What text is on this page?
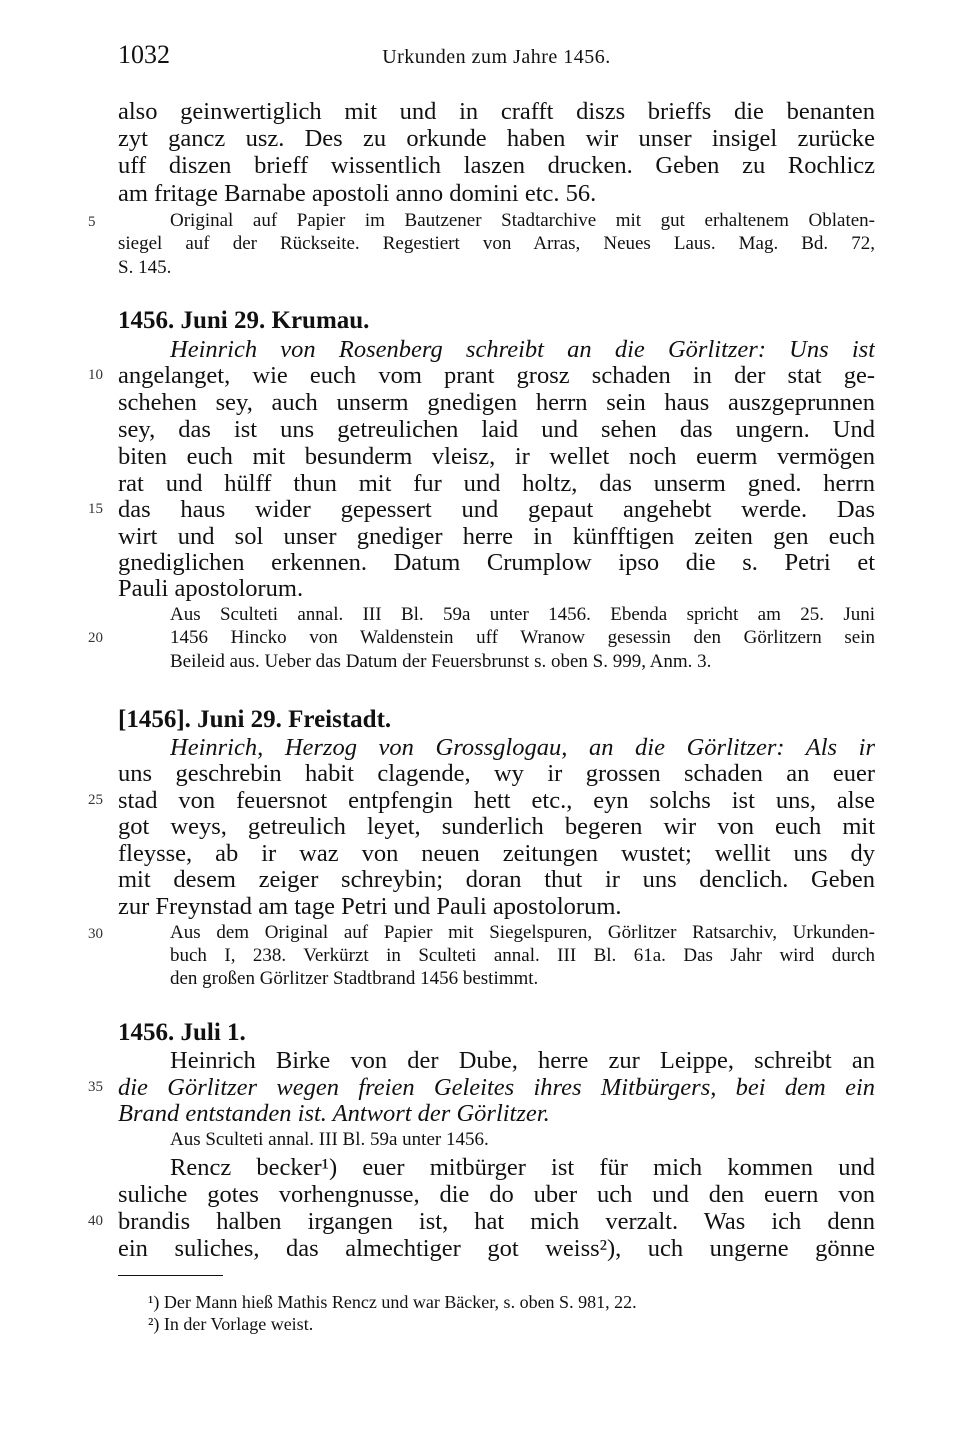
1032	Urkunden zum Jahre 1456.
also geinwertiglich mit und in crafft diszs brieffs die benanten
zyt gancz usz. Des zu orkunde haben wir unser insigel zurücke
uff diszen brieff wissentlich laszen drucken. Geben zu Rochlicz
am fritage Barnabe apostoli anno domini etc. 56.
Original auf Papier im Bautzener Stadtarchive mit gut erhaltenem Oblaten-
siegel auf der Rückseite. Regestiert von Arras, Neues Laus. Mag. Bd. 72,
S. 145.
1456. Juni 29. Krumau.
Heinrich von Rosenberg schreibt an die Görlitzer: Uns ist
angelanget, wie euch vom prant grosz schaden in der stat ge-
schehen sey, auch unserm gnedigen herrn sein haus auszgeprunnen
sey, das ist uns getreulichen laid und sehen das ungern. Und
biten euch mit besunderm vleisz, ir wellet noch euerm vermögen
rat und hülff thun mit fur und holtz, das unserm gned. herrn
das haus wider gepessert und gepaut angehebt werde. Das
wirt und sol unser gnediger herre in künfftigen zeiten gen euch
gnediglichen erkennen. Datum Crumplow ipso die s. Petri et
Pauli apostolorum.
Aus Sculteti annal. III Bl. 59a unter 1456. Ebenda spricht am 25. Juni
1456 Hincko von Waldenstein uff Wranow gesessin den Görlitzern sein
Beileid aus. Ueber das Datum der Feuersbrunst s. oben S. 999, Anm. 3.
[1456]. Juni 29. Freistadt.
Heinrich, Herzog von Grossglogau, an die Görlitzer: Als ir
uns geschrebin habit clagende, wy ir grossen schaden an euer
stad von feuersnot entpfengin hett etc., eyn solchs ist uns, alse
got weys, getreulich leyet, sunderlich begeren wir von euch mit
fleysse, ab ir waz von neuen zeitungen wustet; wellit uns dy
mit desem zeiger schreybin; doran thut ir uns denclich. Geben
zur Freynstad am tage Petri und Pauli apostolorum.
Aus dem Original auf Papier mit Siegelspuren, Görlitzer Ratsarchiv, Urkunden-
buch I, 238. Verkürzt in Sculteti annal. III Bl. 61a. Das Jahr wird durch
den großen Görlitzer Stadtbrand 1456 bestimmt.
1456. Juli 1.
Heinrich Birke von der Dube, herre zur Leippe, schreibt an
die Görlitzer wegen freien Geleites ihres Mitbürgers, bei dem ein
Brand entstanden ist. Antwort der Görlitzer.
Aus Sculteti annal. III Bl. 59a unter 1456.
Rencz becker¹) euer mitbürger ist für mich kommen und
suliche gotes vorhengnusse, die do uber uch und den euern von
brandis halben irgangen ist, hat mich verzalt. Was ich denn
ein suliches, das almechtiger got weiss²), uch ungerne gönne
¹) Der Mann hieß Mathis Rencz und war Bäcker, s. oben S. 981, 22.
²) In der Vorlage weist.
5
10
15
20
25
30
35
40
